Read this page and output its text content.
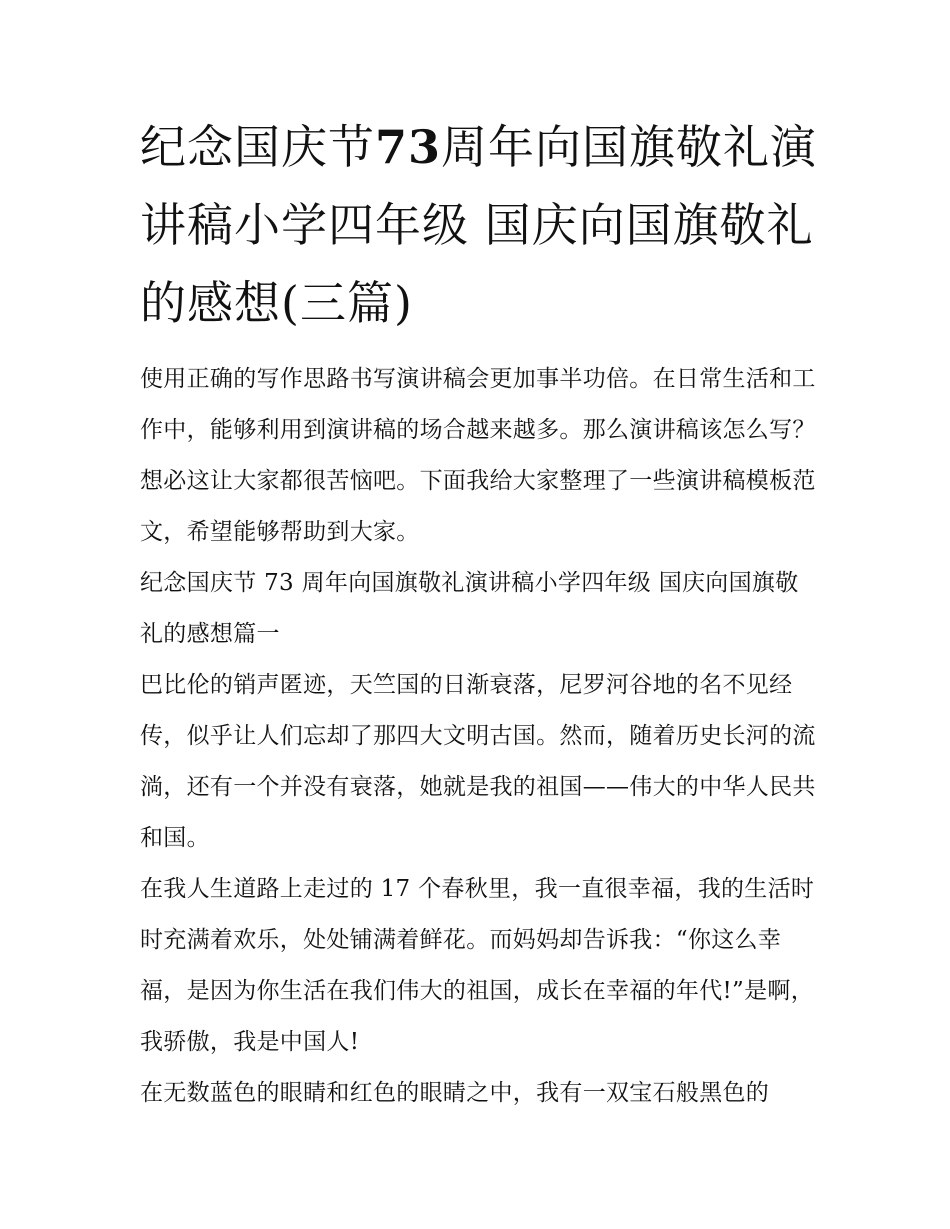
纪念国庆节73周年向国旗敬礼演讲稿小学四年级 国庆向国旗敬礼的感想(三篇)

使用正确的写作思路书写演讲稿会更加事半功倍。在日常生活和工作中，能够利用到演讲稿的场合越来越多。那么演讲稿该怎么写？想必这让大家都很苦恼吧。下面我给大家整理了一些演讲稿模板范文，希望能够帮助到大家。

纪念国庆节 73 周年向国旗敬礼演讲稿小学四年级 国庆向国旗敬礼的感想篇一

巴比伦的销声匿迹，天竺国的日渐衰落，尼罗河谷地的名不见经传，似乎让人们忘却了那四大文明古国。然而，随着历史长河的流淌，还有一个并没有衰落，她就是我的祖国——伟大的中华人民共和国。

在我人生道路上走过的 17 个春秋里，我一直很幸福，我的生活时时充满着欢乐，处处铺满着鲜花。而妈妈却告诉我：“你这么幸福，是因为你生活在我们伟大的祖国，成长在幸福的年代!”是啊，我骄傲，我是中国人!

在无数蓝色的眼睛和红色的眼睛之中，我有一双宝石般黑色的
